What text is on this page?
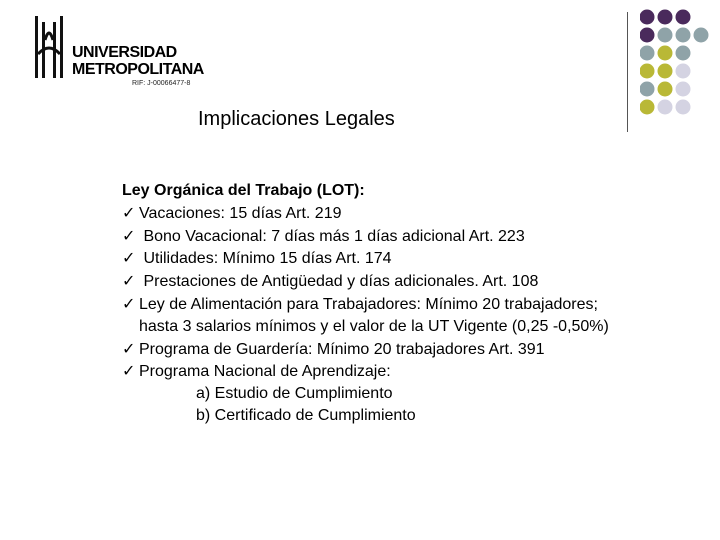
UNIVERSIDAD
METROPOLITANA
RIF: J-00066477-8
Implicaciones Legales
Ley Orgánica del Trabajo (LOT):
✓ Vacaciones: 15 días Art. 219
✓ Bono Vacacional: 7 días más 1 días adicional Art. 223
✓ Utilidades: Mínimo 15 días Art. 174
✓ Prestaciones de Antigüedad y días adicionales. Art. 108
✓ Ley de Alimentación para Trabajadores: Mínimo 20 trabajadores;
hasta 3 salarios mínimos y el valor de la UT Vigente (0,25 -0,50%)
✓ Programa de Guardería: Mínimo 20 trabajadores Art. 391
✓ Programa Nacional de Aprendizaje:
a) Estudio de Cumplimiento
b) Certificado de Cumplimiento
